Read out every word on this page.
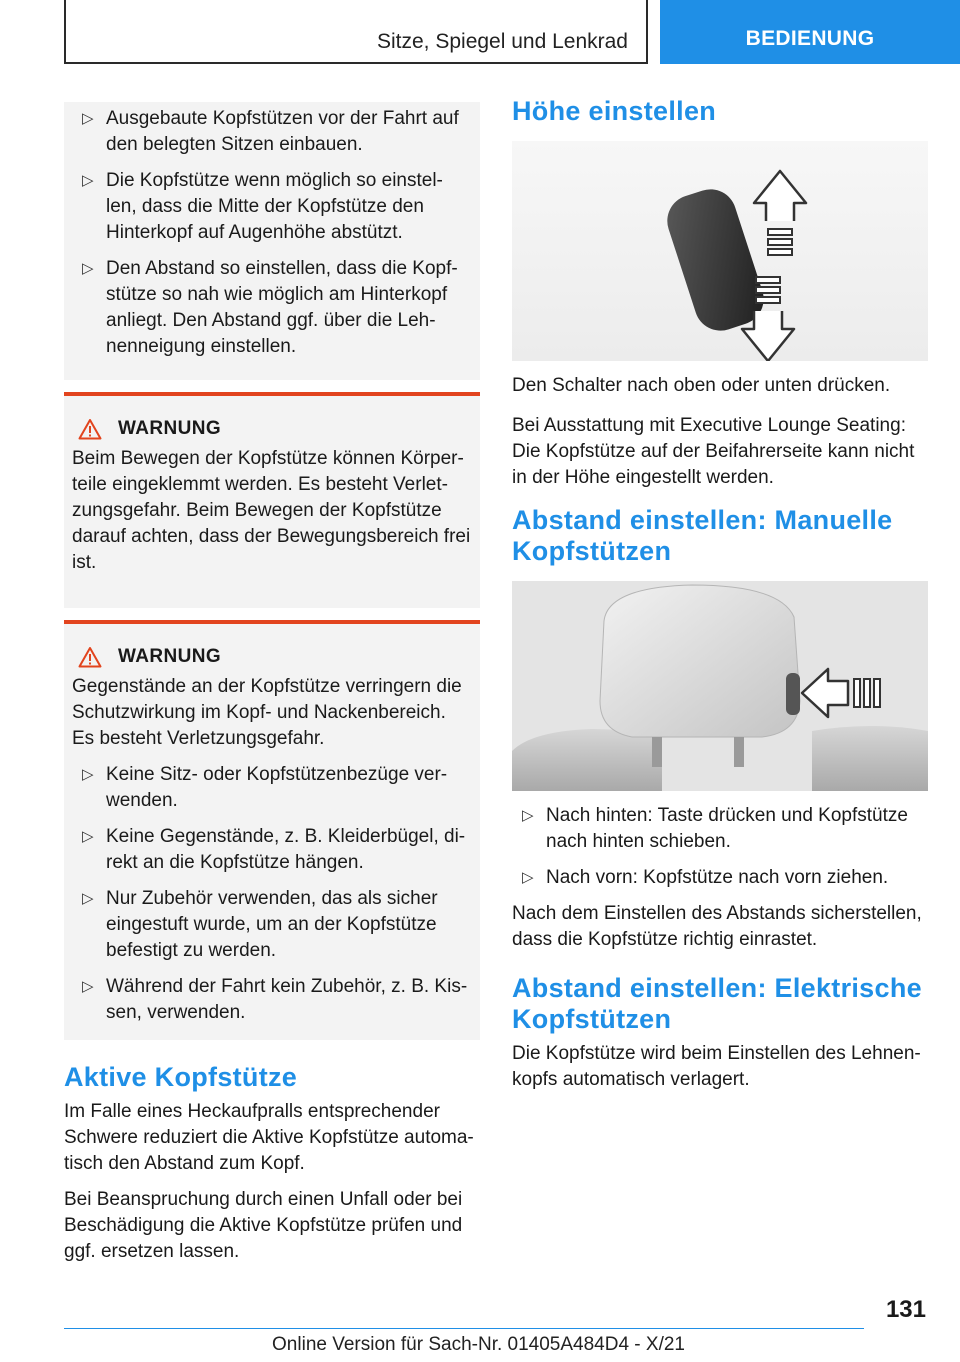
Sitze, Spiegel und Lenkrad	BEDIENUNG
▷ Ausgebaute Kopfstützen vor der Fahrt auf den belegten Sitzen einbauen.
▷ Die Kopfstütze wenn möglich so einstel‐len, dass die Mitte der Kopfstütze den Hinterkopf auf Augenhöhe abstützt.
▷ Den Abstand so einstellen, dass die Kopf‐stütze so nah wie möglich am Hinterkopf anliegt. Den Abstand ggf. über die Leh‐nenneigung einstellen.
WARNUNG

Beim Bewegen der Kopfstütze können Körper‐teile eingeklemmt werden. Es besteht Verlet‐zungsgefahr. Beim Bewegen der Kopfstütze darauf achten, dass der Bewegungsbereich frei ist.

WARNUNG

Gegenstände an der Kopfstütze verringern die Schutzwirkung im Kopf- und Nackenbereich. Es besteht Verletzungsgefahr.

▷ Keine Sitz- oder Kopfstützenbezüge ver‐wenden.
▷ Keine Gegenstände, z. B. Kleiderbügel, di‐rekt an die Kopfstütze hängen.
▷ Nur Zubehör verwenden, das als sicher eingestuft wurde, um an der Kopfstütze befestigt zu werden.
▷ Während der Fahrt kein Zubehör, z. B. Kis‐sen, verwenden.
Aktive Kopfstütze

Im Falle eines Heckaufpralls entsprechender Schwere reduziert die Aktive Kopfstütze automa‐tisch den Abstand zum Kopf.

Bei Beanspruchung durch einen Unfall oder bei Beschädigung die Aktive Kopfstütze prüfen und ggf. ersetzen lassen.

Höhe einstellen

Den Schalter nach oben oder unten drücken.

Bei Ausstattung mit Executive Lounge Seating: Die Kopfstütze auf der Beifahrerseite kann nicht in der Höhe eingestellt werden.

Abstand einstellen: Manuelle Kopfstützen
▷ Nach hinten: Taste drücken und Kopfstütze nach hinten schieben.
▷ Nach vorn: Kopfstütze nach vorn ziehen.

Nach dem Einstellen des Abstands sicherstellen, dass die Kopfstütze richtig einrastet.

Abstand einstellen: Elektrische Kopfstützen

Die Kopfstütze wird beim Einstellen des Lehnen‐kopfs automatisch verlagert.

131
Online Version für Sach-Nr. 01405A484D4 - X/21
